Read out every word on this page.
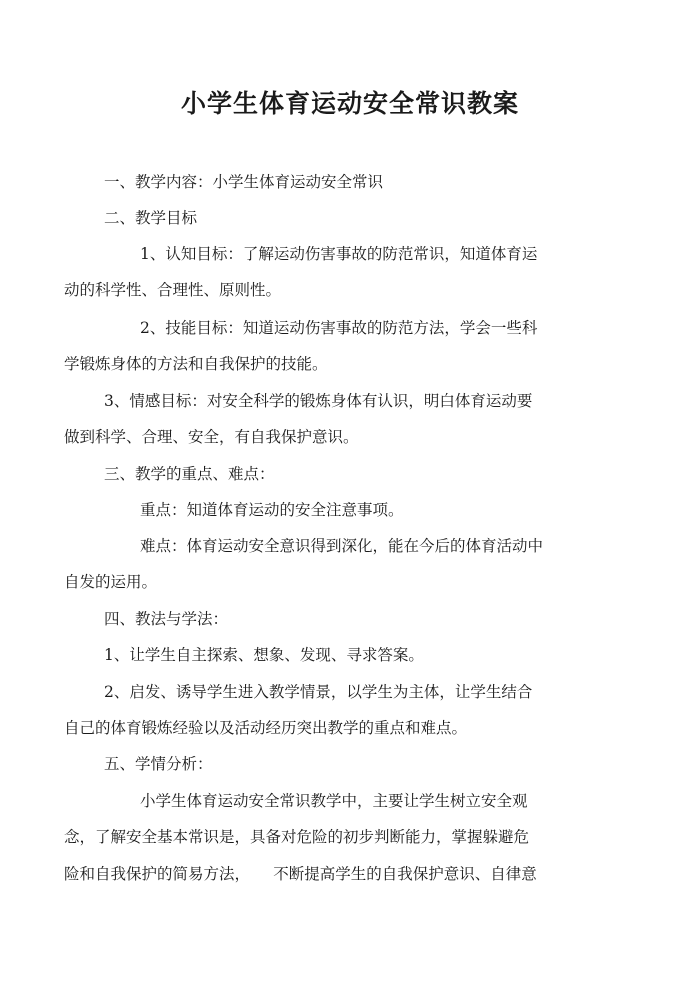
小学生体育运动安全常识教案
一、教学内容：小学生体育运动安全常识
二、教学目标
1、认知目标：了解运动伤害事故的防范常识，知道体育运
动的科学性、合理性、原则性。
2、技能目标：知道运动伤害事故的防范方法，学会一些科
学锻炼身体的方法和自我保护的技能。
3、情感目标：对安全科学的锻炼身体有认识，明白体育运动要
做到科学、合理、安全，有自我保护意识。
三、教学的重点、难点：
重点：知道体育运动的安全注意事项。
难点：体育运动安全意识得到深化，能在今后的体育活动中
自发的运用。
四、教法与学法：
1、让学生自主探索、想象、发现、寻求答案。
2、启发、诱导学生进入教学情景，以学生为主体，让学生结合
自己的体育锻炼经验以及活动经历突出教学的重点和难点。
五、学情分析：
小学生体育运动安全常识教学中，主要让学生树立安全观
念，了解安全基本常识是，具备对危险的初步判断能力，掌握躲避危
险和自我保护的简易方法，　　不断提高学生的自我保护意识、自律意
